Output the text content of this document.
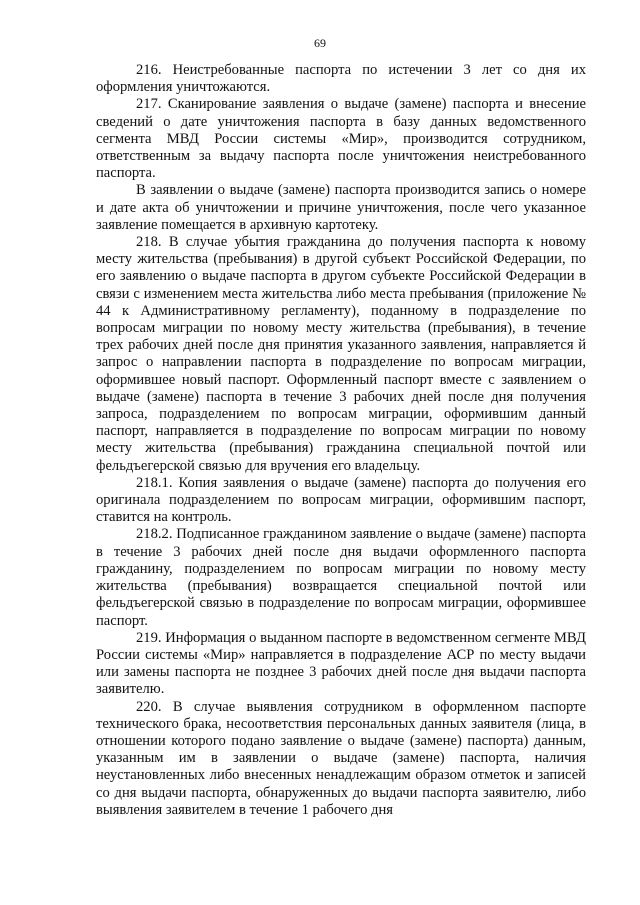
69

216. Неистребованные паспорта по истечении 3 лет со дня их оформления уничтожаются.

217. Сканирование заявления о выдаче (замене) паспорта и внесение сведений о дате уничтожения паспорта в базу данных ведомственного сегмента МВД России системы «Мир», производится сотрудником, ответственным за выдачу паспорта после уничтожения неистребованного паспорта.

В заявлении о выдаче (замене) паспорта производится запись о номере и дате акта об уничтожении и причине уничтожения, после чего указанное заявление помещается в архивную картотеку.

218. В случае убытия гражданина до получения паспорта к новому месту жительства (пребывания) в другой субъект Российской Федерации, по его заявлению о выдаче паспорта в другом субъекте Российской Федерации в связи с изменением места жительства либо места пребывания (приложение № 44 к Административному регламенту), поданному в подразделение по вопросам миграции по новому месту жительства (пребывания), в течение трех рабочих дней после дня принятия указанного заявления, направляется й запрос о направлении паспорта в подразделение по вопросам миграции, оформившее новый паспорт. Оформленный паспорт вместе с заявлением о выдаче (замене) паспорта в течение 3 рабочих дней после дня получения запроса, подразделением по вопросам миграции, оформившим данный паспорт, направляется в подразделение по вопросам миграции по новому месту жительства (пребывания) гражданина специальной почтой или фельдъегерской связью для вручения его владельцу.

218.1. Копия заявления о выдаче (замене) паспорта до получения его оригинала подразделением по вопросам миграции, оформившим паспорт, ставится на контроль.

218.2. Подписанное гражданином заявление о выдаче (замене) паспорта в течение 3 рабочих дней после дня выдачи оформленного паспорта гражданину, подразделением по вопросам миграции по новому месту жительства (пребывания) возвращается специальной почтой или фельдъегерской связью в подразделение по вопросам миграции, оформившее паспорт.

219. Информация о выданном паспорте в ведомственном сегменте МВД России системы «Мир» направляется в подразделение АСР по месту выдачи или замены паспорта не позднее 3 рабочих дней после дня выдачи паспорта заявителю.

220. В случае выявления сотрудником в оформленном паспорте технического брака, несоответствия персональных данных заявителя (лица, в отношении которого подано заявление о выдаче (замене) паспорта) данным, указанным им в заявлении о выдаче (замене) паспорта, наличия неустановленных либо внесенных ненадлежащим образом отметок и записей со дня выдачи паспорта, обнаруженных до выдачи паспорта заявителю, либо выявления заявителем в течение 1 рабочего дня
